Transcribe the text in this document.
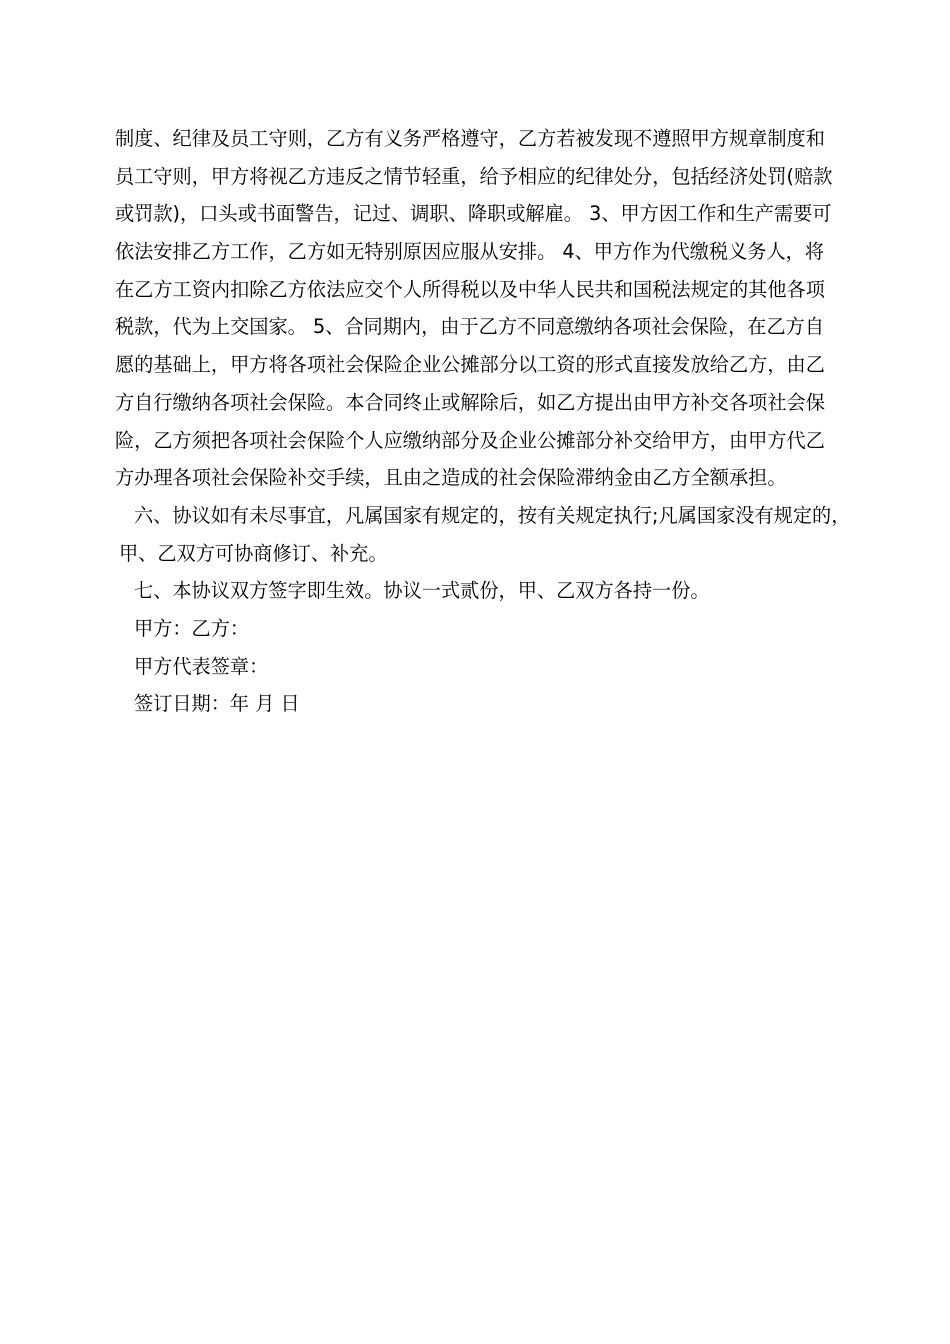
制度、纪律及员工守则，乙方有义务严格遵守，乙方若被发现不遵照甲方规章制度和
员工守则，甲方将视乙方违反之情节轻重，给予相应的纪律处分，包括经济处罚(赔款
或罚款)，口头或书面警告，记过、调职、降职或解雇。 3、甲方因工作和生产需要可
依法安排乙方工作，乙方如无特别原因应服从安排。 4、甲方作为代缴税义务人，将
在乙方工资内扣除乙方依法应交个人所得税以及中华人民共和国税法规定的其他各项
税款，代为上交国家。 5、合同期内，由于乙方不同意缴纳各项社会保险，在乙方自
愿的基础上，甲方将各项社会保险企业公摊部分以工资的形式直接发放给乙方，由乙
方自行缴纳各项社会保险。本合同终止或解除后，如乙方提出由甲方补交各项社会保
险，乙方须把各项社会保险个人应缴纳部分及企业公摊部分补交给甲方，由甲方代乙
方办理各项社会保险补交手续，且由之造成的社会保险滞纳金由乙方全额承担。
六、协议如有未尽事宜，凡属国家有规定的，按有关规定执行;凡属国家没有规定的，
甲、乙双方可协商修订、补充。
七、本协议双方签字即生效。协议一式贰份，甲、乙双方各持一份。
甲方：乙方：
甲方代表签章：
签订日期：年 月 日
